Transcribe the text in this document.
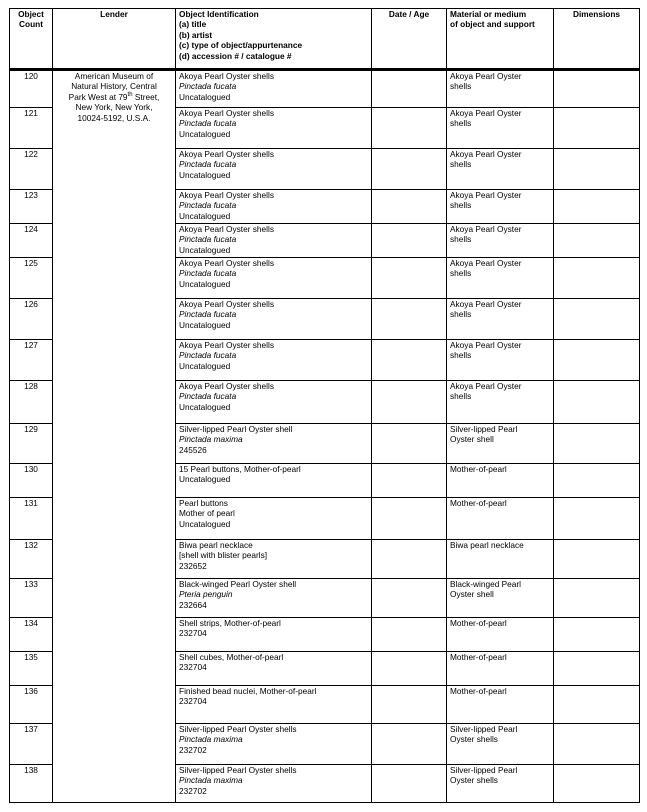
Object
Count	Lender	Object Identification
(a) title
(b) artist
(c) type of object/appurtenance
(d) accession # / catalogue #	Date / Age	Material or medium
of object and support	Dimensions
120	American Museum of
Natural History, Central
Park West at 79th Street,
New York, New York,
10024-5192, U.S.A.	Akoya Pearl Oyster shells
Pinctada fucata
Uncatalogued		Akoya Pearl Oyster
shells	

121		Akoya Pearl Oyster shells
Pinctada fucata
Uncatalogued		Akoya Pearl Oyster
shells	

122		Akoya Pearl Oyster shells
Pinctada fucata
Uncatalogued		Akoya Pearl Oyster
shells	

123		Akoya Pearl Oyster shells
Pinctada fucata
Uncatalogued		Akoya Pearl Oyster
shells	

124		Akoya Pearl Oyster shells
Pinctada fucata
Uncatalogued		Akoya Pearl Oyster
shells	

125		Akoya Pearl Oyster shells
Pinctada fucata
Uncatalogued		Akoya Pearl Oyster
shells	

126		Akoya Pearl Oyster shells
Pinctada fucata
Uncatalogued		Akoya Pearl Oyster
shells	

127		Akoya Pearl Oyster shells
Pinctada fucata
Uncatalogued		Akoya Pearl Oyster
shells	

128		Akoya Pearl Oyster shells
Pinctada fucata
Uncatalogued		Akoya Pearl Oyster
shells	

129		Silver-lipped Pearl Oyster shell
Pinctada maxima
245526		Silver-lipped Pearl
Oyster shell	

130		15 Pearl buttons, Mother-of-pearl
Uncatalogued		Mother-of-pearl	

131		Pearl buttons
Mother of pearl
Uncatalogued		Mother-of-pearl	

132		Biwa pearl necklace
[shell with blister pearls]
232652		Biwa pearl necklace	

133		Black-winged Pearl Oyster shell
Pteria penguin
232664		Black-winged Pearl
Oyster shell	

134		Shell strips, Mother-of-pearl
232704		Mother-of-pearl	

135		Shell cubes, Mother-of-pearl
232704		Mother-of-pearl	

136		Finished bead nuclei, Mother-of-pearl
232704		Mother-of-pearl	

137		Silver-lipped Pearl Oyster shells
Pinctada maxima
232702		Silver-lipped Pearl
Oyster shells	

138		Silver-lipped Pearl Oyster shells
Pinctada maxima
232702		Silver-lipped Pearl
Oyster shells	
